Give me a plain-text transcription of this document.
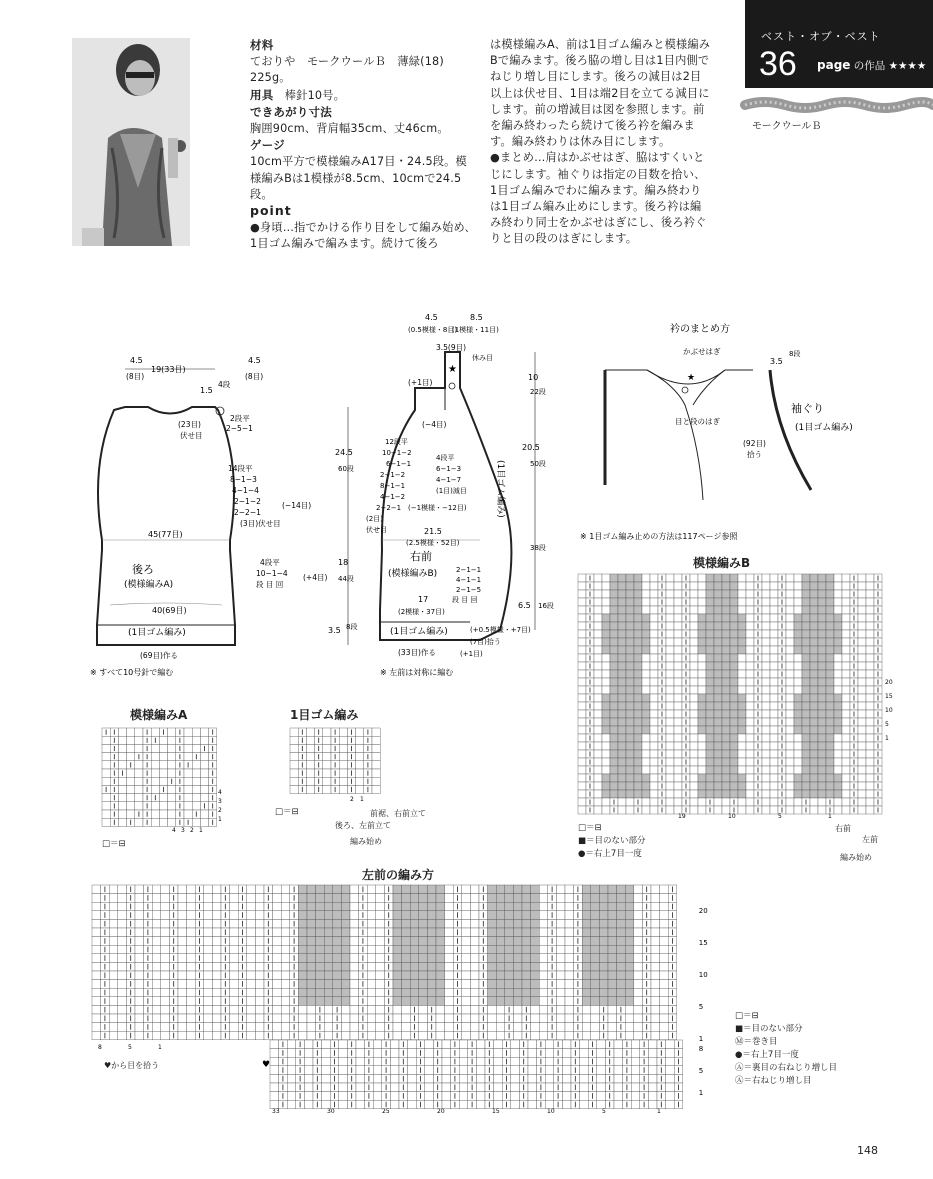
材料
ておりや　モークウールＢ　薄緑(18) 225g。
用具　棒針10号。
できあがり寸法
胸囲90cm、背肩幅35cm、丈46cm。
ゲージ
10cm平方で模様編みA17目・24.5段。模様編みBは1模様が8.5cm、10cmで24.5段。
point
●身頃…指でかける作り目をして編み始め、1目ゴム編みで編みます。続けて後ろ
は模様編みA、前は1目ゴム編みと模様編みBで編みます。後ろ脇の増し目は1目内側でねじり増し目にします。後ろの減目は2目以上は伏せ目、1目は端2目を立てる減目にします。前の増減目は図を参照します。前を編み終わったら続けて後ろ衿を編みます。編み終わりは休み目にします。
●まとめ…肩はかぶせはぎ、脇はすくいとじにします。袖ぐりは指定の目数を拾い、1目ゴム編みでわに編みます。編み終わりは1目ゴム編み止めにします。後ろ衿は編み終わり同士をかぶせはぎにし、後ろ衿ぐりと目の段のはぎにします。
ベスト・オブ・ベスト
36 page の作品 ★★★★
モークウールＢ
後ろ
(模様編みA)
(1目ゴム編み)
19(33目)
4.5
(8目)
4.5
(8目)
1.5
4段
2段平
2−5−1
(23目)
伏せ目
14段平
8−1−3
4−1−4
2−1−2
2−2−1
(3目)伏せ目
(−14目)
45(77目)
4段平
10−1−4
段 目 回
(+4目)
40(69目)
(69目)作る
24.5
60段
18
44段
3.5 8段
※ すべて10号針で編む
右前
(模様編みB)
(1目ゴム編み)
(1目ゴム編み)
4.5
(0.5模様・8目)
8.5
(1模様・11目)
3.5(9目)
休み目
★
(+1目)
(−4目)
12段平
10−1−2
6−1−1
2−1−2
8−1−1
4−1−2
2−2−1
(2目)
伏せ目
4段平
6−1−3
4−1−7
(1目)減目
(−1模様・−12目)
21.5
(2.5模様・52目)
2−1−1
4−1−1
2−1−5
段 目 回
17
(2模様・37目)
(+0.5模様・+7目)
(7目)拾う
(+1目)
(33目)作る
10
22段
20.5
50段
38段
6.5 16段
※ 左前は対称に編む
衿のまとめ方
★
かぶせはぎ
目と段のはぎ
(92目)
拾う
袖ぐり
(1目ゴム編み)
3.5
8段
※ 1目ゴム編み止めの方法は117ページ参照
模様編みB
20
15
10
5
1
19	10	5	1
□＝⊟
■＝目のない部分
●＝右上7目一度
右前
左前
編み始め
模様編みA
4
3
2
1
4 3 2 1
□＝⊟
1目ゴム編み
2 1
□＝⊟	前裾、右前立て
後ろ、左前立て
編み始め
左前の編み方
20
15
10
5
1
8
5
1
33	30	25	20	15	10	5	1
8	5	1
♥
♥から目を拾う
□＝⊟
■＝目のない部分
Ⓜ＝巻き目
●＝右上7目一度
Ⓐ＝裏目の右ねじり増し目
Ⓐ＝右ねじり増し目
148
